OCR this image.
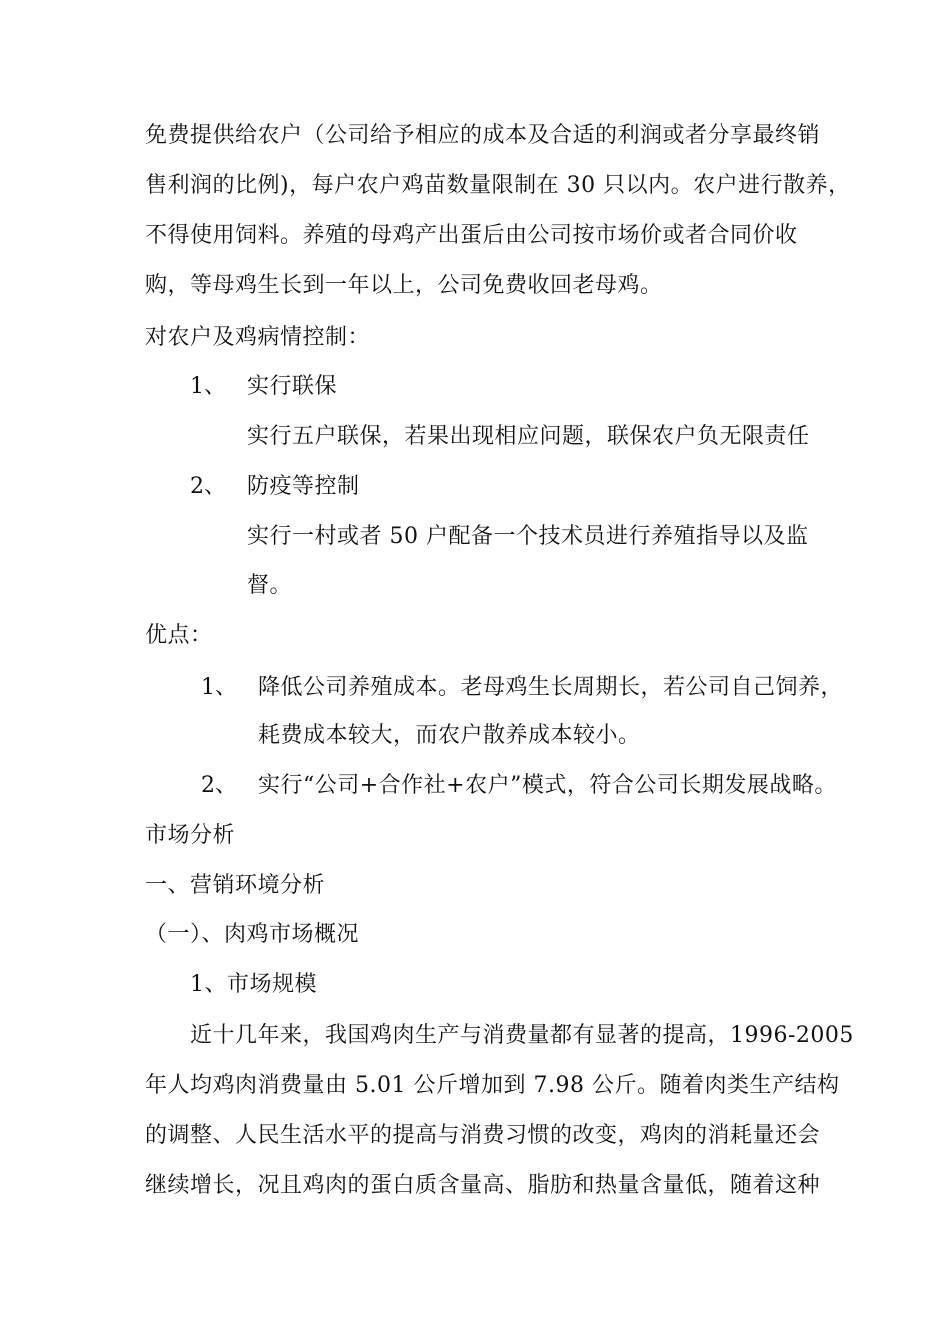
免费提供给农户（公司给予相应的成本及合适的利润或者分享最终销
售利润的比例)，每户农户鸡苗数量限制在 30 只以内。农户进行散养，
不得使用饲料。养殖的母鸡产出蛋后由公司按市场价或者合同价收
购，等母鸡生长到一年以上，公司免费收回老母鸡。
对农户及鸡病情控制：
1、 实行联保
实行五户联保，若果出现相应问题，联保农户负无限责任
2、 防疫等控制
实行一村或者 50 户配备一个技术员进行养殖指导以及监
督。
优点：
1、 降低公司养殖成本。老母鸡生长周期长，若公司自己饲养，
耗费成本较大，而农户散养成本较小。
2、 实行“公司+合作社+农户”模式，符合公司长期发展战略。
市场分析
一、营销环境分析
（一）、肉鸡市场概况
1、市场规模
近十几年来，我国鸡肉生产与消费量都有显著的提高，1996-2005
年人均鸡肉消费量由 5.01 公斤增加到 7.98 公斤。随着肉类生产结构
的调整、人民生活水平的提高与消费习惯的改变，鸡肉的消耗量还会
继续增长，况且鸡肉的蛋白质含量高、脂肪和热量含量低，随着这种
